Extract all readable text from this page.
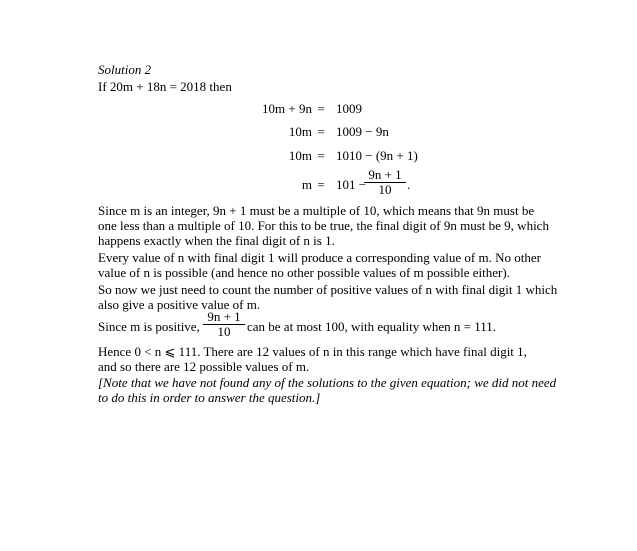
Solution 2
If 20m + 18n = 2018 then
10m + 9n = 1009
10m = 1009 − 9n
10m = 1010 − (9n + 1)
m = 101 −
9n + 1
10	.
Since m is an integer, 9n + 1 must be a multiple of 10, which means that 9n must be
one less than a multiple of 10. For this to be true, the final digit of 9n must be 9, which
happens exactly when the final digit of n is 1.
Every value of n with final digit 1 will produce a corresponding value of m. No other
value of n is possible (and hence no other possible values of m possible either).
So now we just need to count the number of positive values of n with final digit 1 which
also give a positive value of m.
Since m is positive,
9n + 1
10	can be at most 100, with equality when n = 111.
Hence 0 < n ⩽ 111. There are 12 values of n in this range which have final digit 1,
and so there are 12 possible values of m.
[Note that we have not found any of the solutions to the given equation; we did not need
to do this in order to answer the question.]
